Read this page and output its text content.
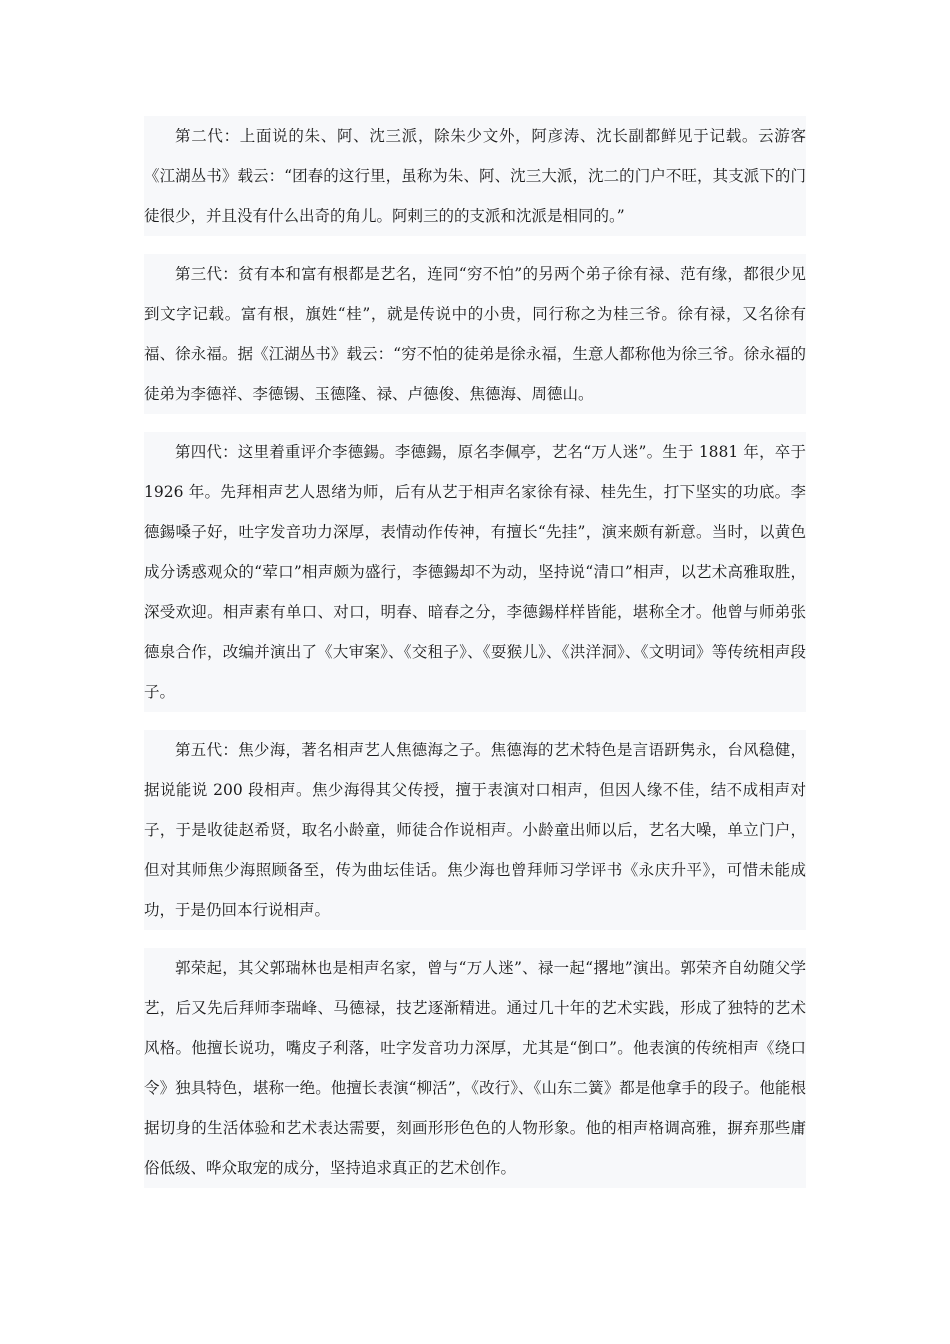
第二代：上面说的朱、阿、沈三派，除朱少文外，阿彦涛、沈长副都鲜见于记载。云游客《江湖丛书》载云：“团春的这行里，虽称为朱、阿、沈三大派，沈二的门户不旺，其支派下的门徒很少，并且没有什么出奇的角儿。阿剌三的的支派和沈派是相同的。”

第三代：贫有本和富有根都是艺名，连同“穷不怕”的另两个弟子徐有禄、范有缘，都很少见到文字记载。富有根，旗姓“桂”，就是传说中的小贵，同行称之为桂三爷。徐有禄，又名徐有福、徐永福。据《江湖丛书》载云：“穷不怕的徒弟是徐永福，生意人都称他为徐三爷。徐永福的徒弟为李德祥、李德锡、玉德隆、禄、卢德俊、焦德海、周德山。

第四代：这里着重评介李德鍚。李德鍚，原名李佩亭，艺名“万人迷”。生于 1881 年，卒于 1926 年。先拜相声艺人恩绪为师，后有从艺于相声名家徐有禄、桂先生，打下坚实的功底。李德鍚嗓子好，吐字发音功力深厚，表情动作传神，有擅长“先挂”，演来颇有新意。当时，以黄色成分诱惑观众的“荤口”相声颇为盛行，李德鍚却不为动，坚持说“清口”相声，以艺术高雅取胜，深受欢迎。相声素有单口、对口，明春、暗春之分，李德鍚样样皆能，堪称全才。他曾与师弟张德泉合作，改编并演出了《大审案》、《交租子》、《耍猴儿》、《洪洋洞》、《文明词》等传统相声段子。

第五代：焦少海，著名相声艺人焦德海之子。焦德海的艺术特色是言语趼隽永，台风稳健，据说能说 200 段相声。焦少海得其父传授，擅于表演对口相声，但因人缘不佳，结不成相声对子，于是收徒赵希贤，取名小龄童，师徒合作说相声。小龄童出师以后，艺名大噪，单立门户，但对其师焦少海照顾备至，传为曲坛佳话。焦少海也曾拜师习学评书《永庆升平》，可惜未能成功，于是仍回本行说相声。

郭荣起，其父郭瑞林也是相声名家，曾与“万人迷”、禄一起“撂地”演出。郭荣齐自幼随父学艺，后又先后拜师李瑞峰、马德禄，技艺逐渐精进。通过几十年的艺术实践，形成了独特的艺术风格。他擅长说功，嘴皮子利落，吐字发音功力深厚，尤其是“倒口”。他表演的传统相声《绕口令》独具特色，堪称一绝。他擅长表演“柳活”，《改行》、《山东二簧》都是他拿手的段子。他能根据切身的生活体验和艺术表达需要，刻画形形色色的人物形象。他的相声格调高雅，摒弃那些庸俗低级、哗众取宠的成分，坚持追求真正的艺术创作。
